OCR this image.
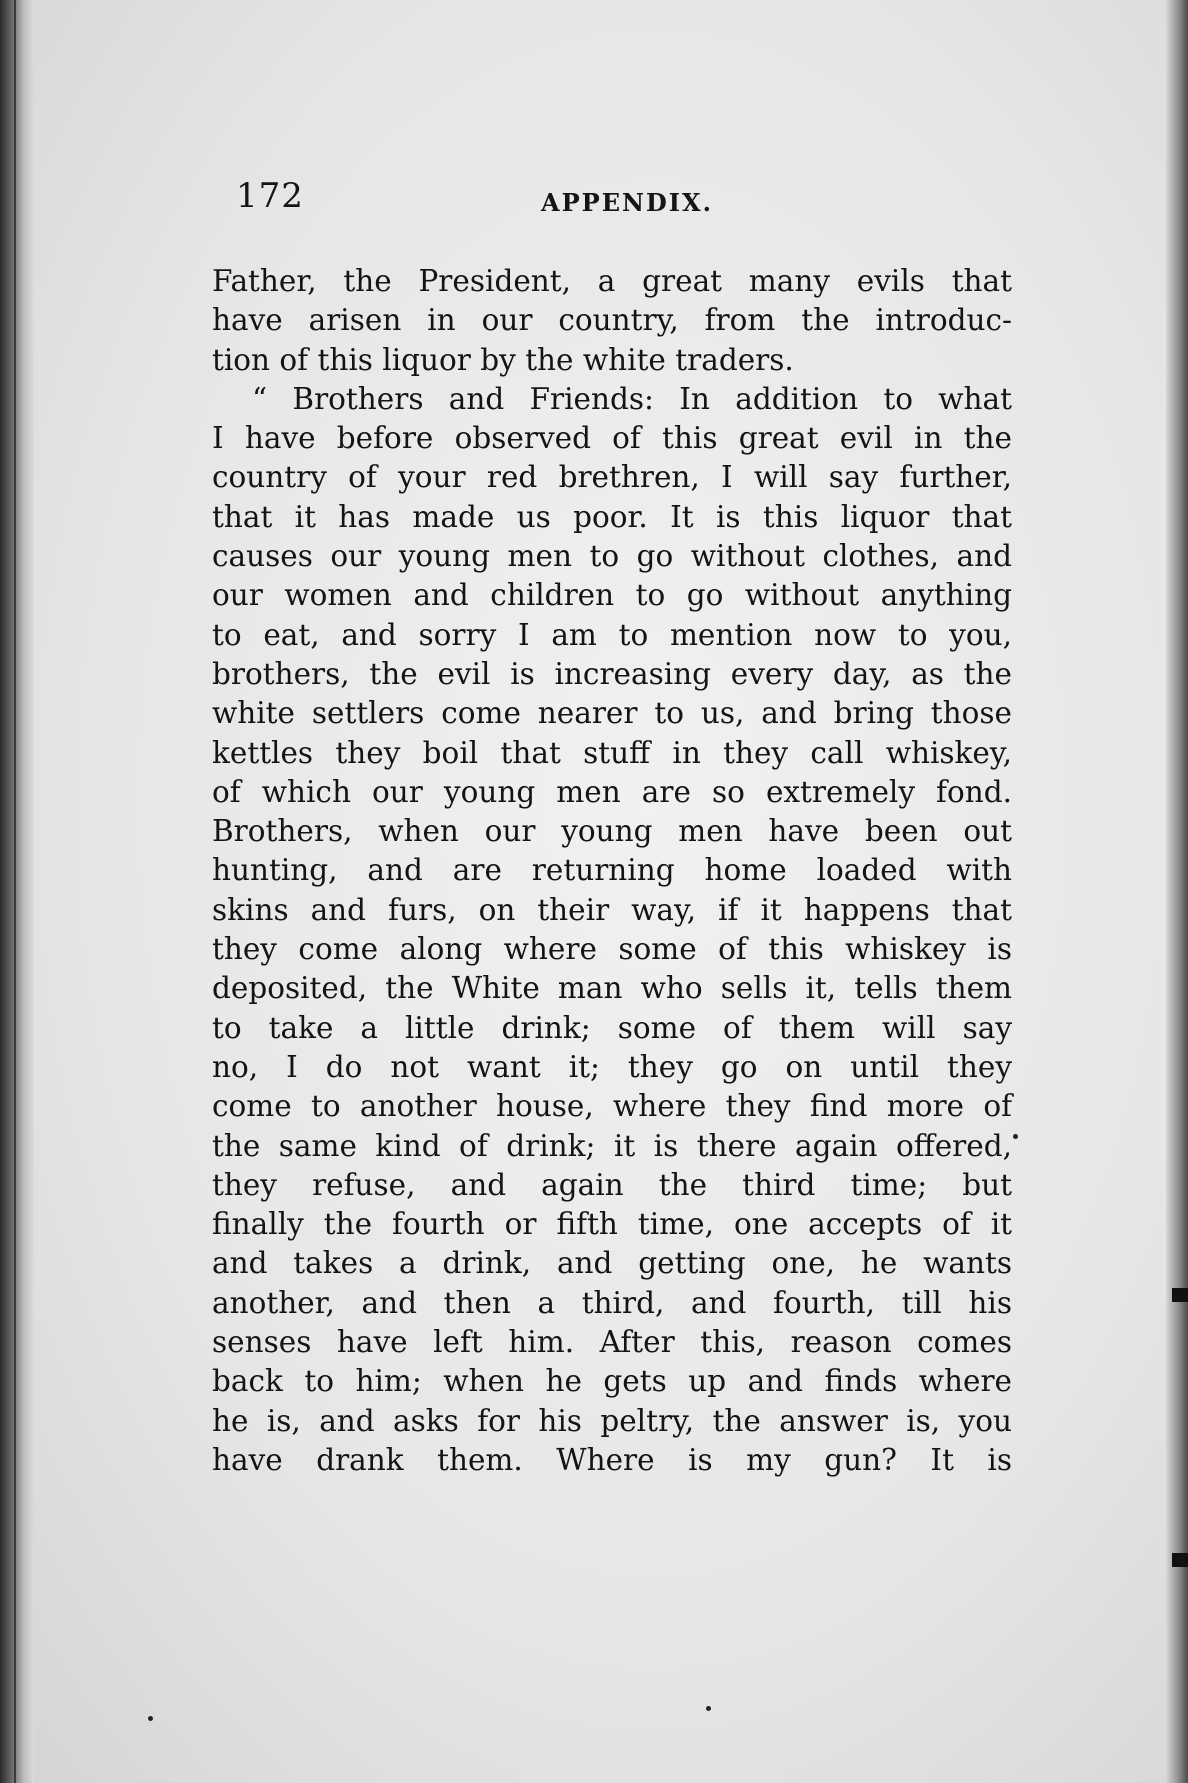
172	APPENDIX.
Father, the President, a great many evils that
have arisen in our country, from the introduc-
tion of this liquor by the white traders.
“ Brothers and Friends: In addition to what
I have before observed of this great evil in the
country of your red brethren, I will say further,
that it has made us poor. It is this liquor that
causes our young men to go without clothes, and
our women and children to go without anything
to eat, and sorry I am to mention now to you,
brothers, the evil is increasing every day, as the
white settlers come nearer to us, and bring those
kettles they boil that stuff in they call whiskey,
of which our young men are so extremely fond.
Brothers, when our young men have been out
hunting, and are returning home loaded with
skins and furs, on their way, if it happens that
they come along where some of this whiskey is
deposited, the White man who sells it, tells them
to take a little drink; some of them will say
no, I do not want it; they go on until they
come to another house, where they find more of
the same kind of drink; it is there again offered,
they refuse, and again the third time; but
finally the fourth or fifth time, one accepts of it
and takes a drink, and getting one, he wants
another, and then a third, and fourth, till his
senses have left him. After this, reason comes
back to him; when he gets up and finds where
he is, and asks for his peltry, the answer is, you
have drank them. Where is my gun? It is
